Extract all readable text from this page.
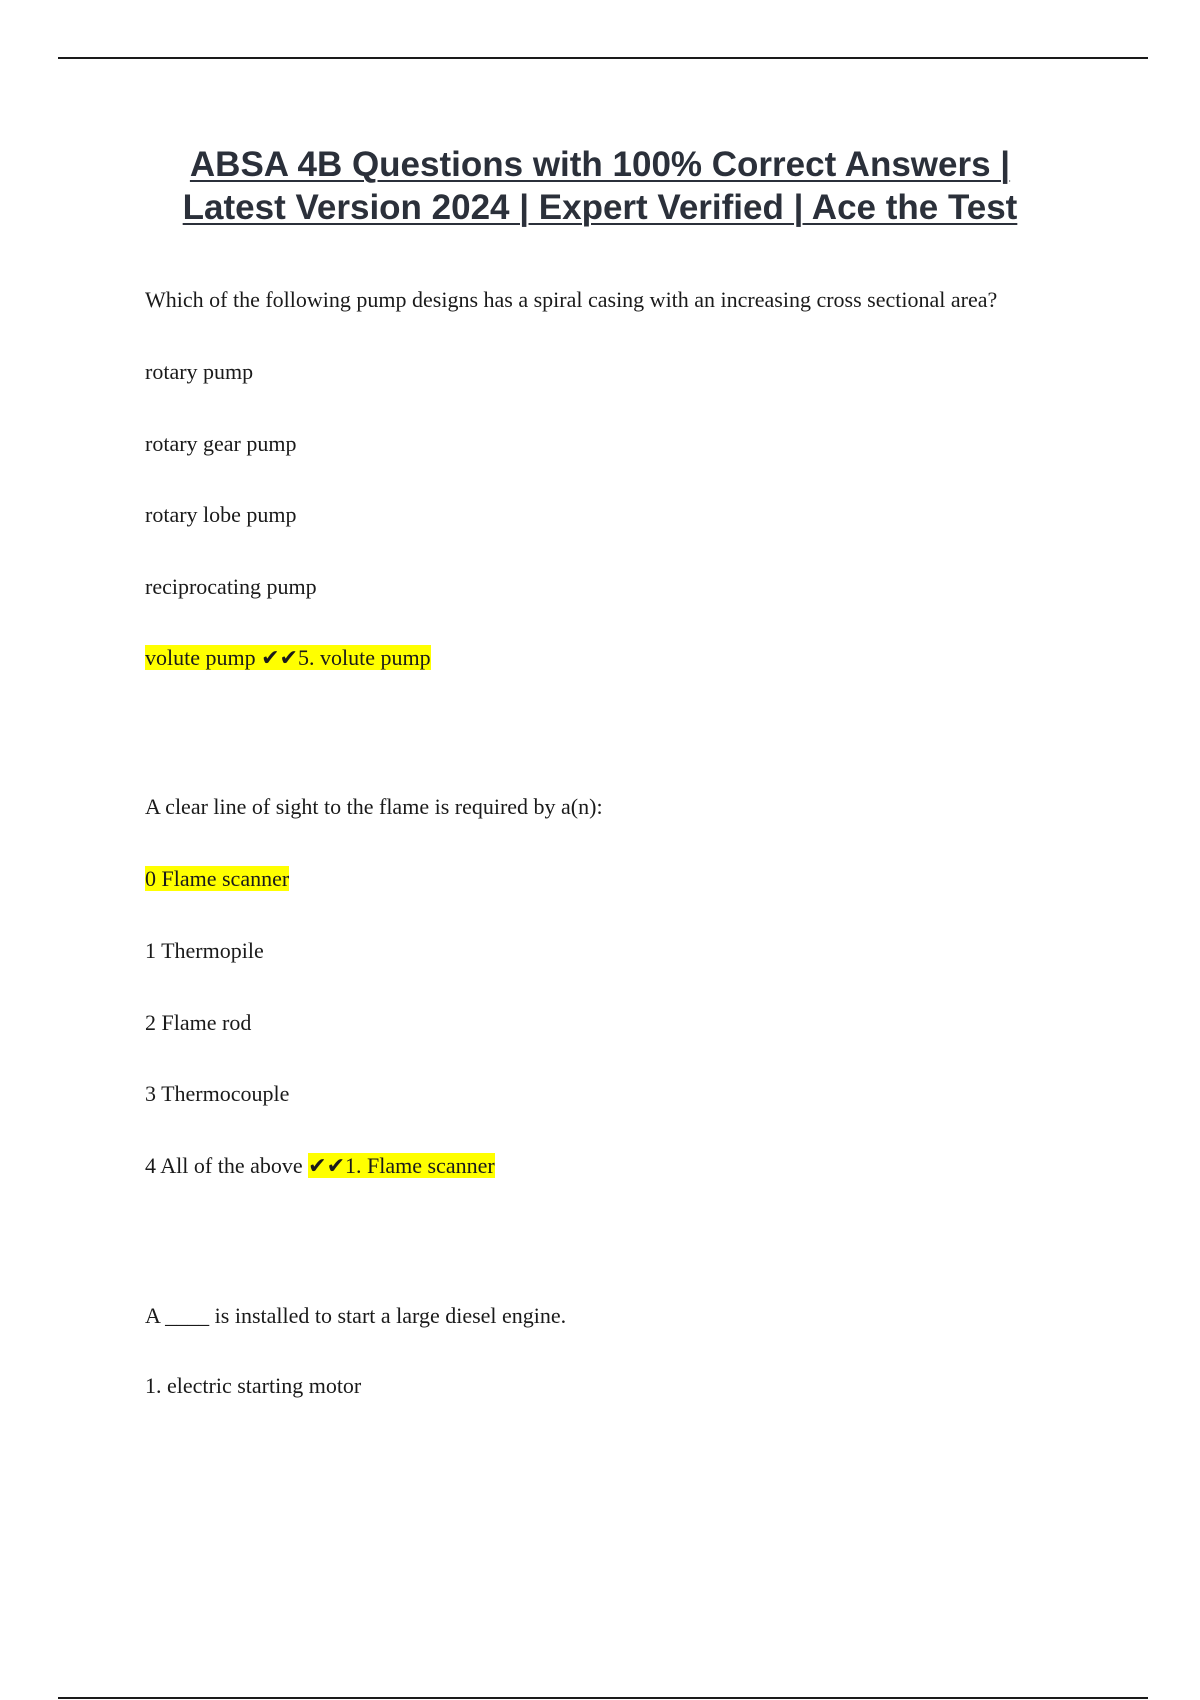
ABSA 4B Questions with 100% Correct Answers |
Latest Version 2024 | Expert Verified | Ace the Test
Which of the following pump designs has a spiral casing with an increasing cross sectional area?
rotary pump
rotary gear pump
rotary lobe pump
reciprocating pump
volute pump ✔✔5. volute pump
A clear line of sight to the flame is required by a(n):
0 Flame scanner
1 Thermopile
2 Flame rod
3 Thermocouple
4 All of the above ✔✔1. Flame scanner
A ____ is installed to start a large diesel engine.
1. electric starting motor
